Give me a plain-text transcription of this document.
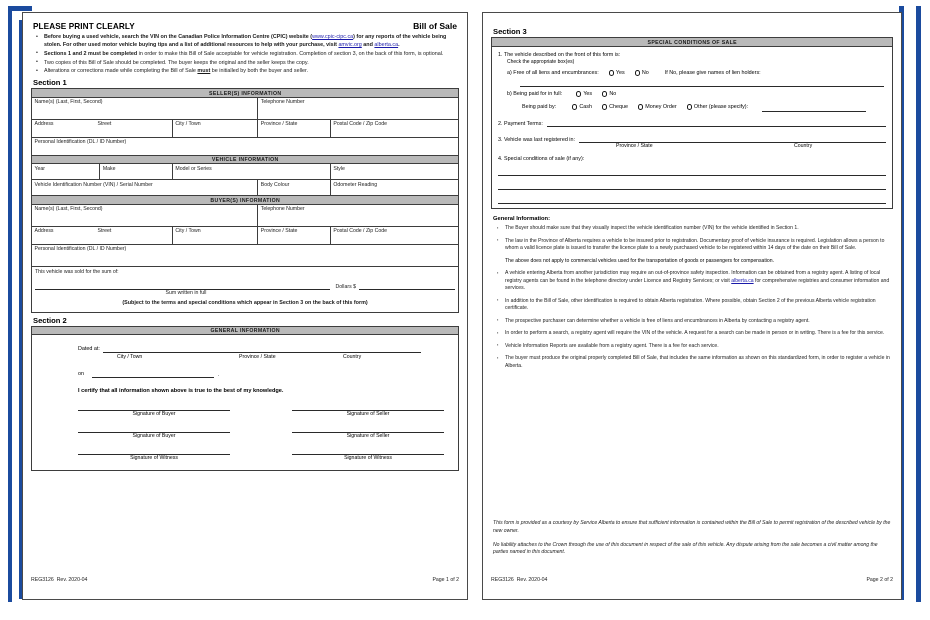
PLEASE PRINT CLEARLY	Bill of Sale
• Before buying a used vehicle, search the VIN on the Canadian Police Information Centre (CPIC) website (www.cpic-cipc.ca) for any reports of the vehicle being stolen. For other used motor vehicle buying tips and a list of additional resources to help with your purchase, visit amvic.org and alberta.ca.
• Sections 1 and 2 must be completed in order to make this Bill of Sale acceptable for vehicle registration. Completion of section 3, on the back of this form, is optional.
• Two copies of this Bill of Sale should be completed. The buyer keeps the original and the seller keeps the copy.
• Alterations or corrections made while completing the Bill of Sale must be initialled by both the buyer and seller.
Section 1
SELLER(S) INFORMATION				
Name(s) (Last, First, Second)			Telephone Number	
Address Street		City / Town	Province / State	Postal Code / Zip Code
Personal Identification (DL / ID Number)				
VEHICLE INFORMATION				
Year	Make	Model or Series		Style
Vehicle Identification Number (VIN) / Serial Number			Body Colour	Odometer Reading
BUYER(S) INFORMATION				
Name(s) (Last, First, Second)			Telephone Number	
Address Street		City / Town	Province / State	Postal Code / Zip Code
Personal Identification (DL / ID Number)				

This vehicle was sold for the sum of:
Dollars $
Sum written in full
(Subject to the terms and special conditions which appear in Section 3 on the back of this form)				
Section 2
GENERAL INFORMATION
Dated at:
City / Town	Province / State	Country
on	.
I certify that all information shown above is true to the best of my knowledge.
Signature of Buyer	Signature of Seller
Signature of Buyer	Signature of Seller
Signature of Witness	Signature of Witness
REG3126 Rev. 2020-04	Page 1 of 2
Section 3
SPECIAL CONDITIONS OF SALE
1. The vehicle described on the front of this form is:
Check the appropriate box(es)
a) Free of all liens and encumbrances:	Yes	No	If No, please give names of lien holders:
b) Being paid for in full:	Yes	No
Being paid by:	Cash	Cheque	Money Order	Other (please specify):
2. Payment Terms:
3. Vehicle was last registered in:
Province / State	Country
4. Special conditions of sale (if any):
General Information:
▪ The Buyer should make sure that they visually inspect the vehicle identification number (VIN) for the vehicle identified in Section 1.
▪ The law in the Province of Alberta requires a vehicle to be insured prior to registration. Documentary proof of vehicle insurance is required. Legislation allows a person to whom a valid licence plate is issued to transfer the licence plate to a newly purchased vehicle to be registered within 14 days of the date on their Bill of Sale.
The above does not apply to commercial vehicles used for the transportation of goods or passengers for compensation.
▪ A vehicle entering Alberta from another jurisdiction may require an out-of-province safety inspection. Information can be obtained from a registry agent. A listing of local registry agents can be found in the telephone directory under Licence and Registry Services; or visit alberta.ca for comprehensive registries and consumer information and services.
▪ In addition to the Bill of Sale, other identification is required to obtain Alberta registration. Where possible, obtain Section 2 of the previous Alberta vehicle registration certificate.
▪ The prospective purchaser can determine whether a vehicle is free of liens and encumbrances in Alberta by contacting a registry agent.
▪ In order to perform a search, a registry agent will require the VIN of the vehicle. A request for a search can be made in person or in writing. There is a fee for this service.
▪ Vehicle Information Reports are available from a registry agent. There is a fee for each service.
▪ The buyer must produce the original properly completed Bill of Sale, that includes the same information as shown on this standardized form, in order to register a vehicle in Alberta.
This form is provided as a courtesy by Service Alberta to ensure that sufficient information is contained within the Bill of Sale to permit registration of the described vehicle by the new owner.
No liability attaches to the Crown through the use of this document in respect of the sale of this vehicle. Any dispute arising from the sale becomes a civil matter among the parties named in this document.
REG3126 Rev. 2020-04	Page 2 of 2
